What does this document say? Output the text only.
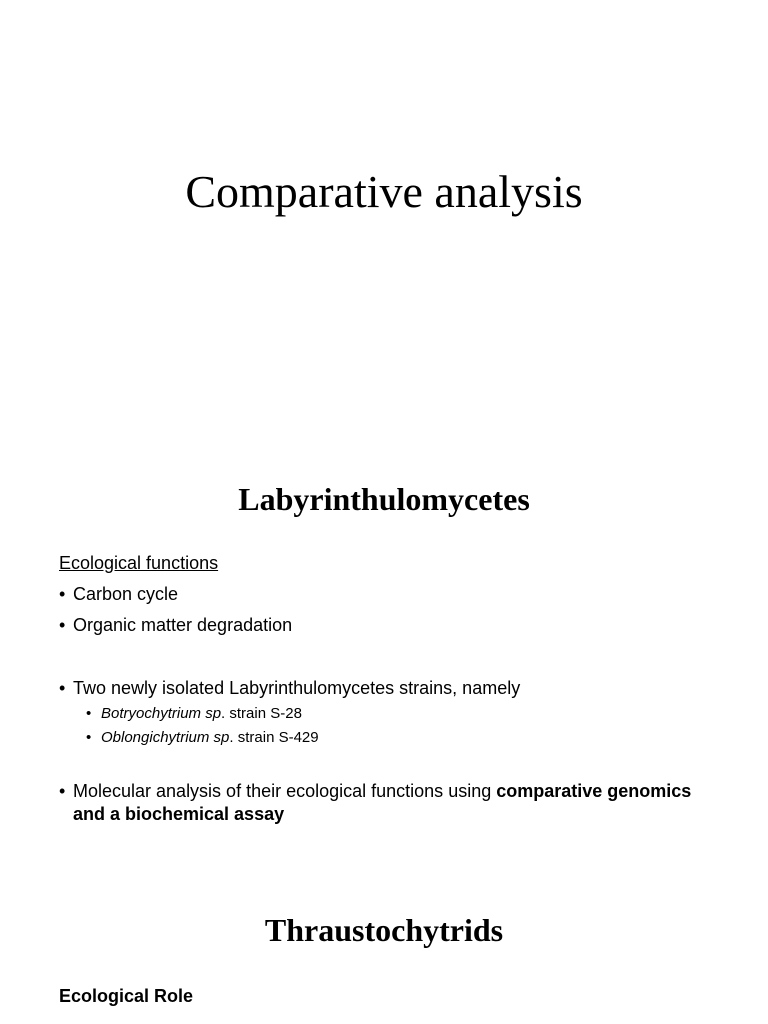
Comparative analysis
Labyrinthulomycetes
Ecological functions
• Carbon cycle
• Organic matter degradation
• Two newly isolated Labyrinthulomycetes strains, namely
• Botryochytrium sp. strain S-28
• Oblongichytrium sp. strain S-429
• Molecular analysis of their ecological functions using comparative genomics and a biochemical assay
Thraustochytrids
Ecological Role
